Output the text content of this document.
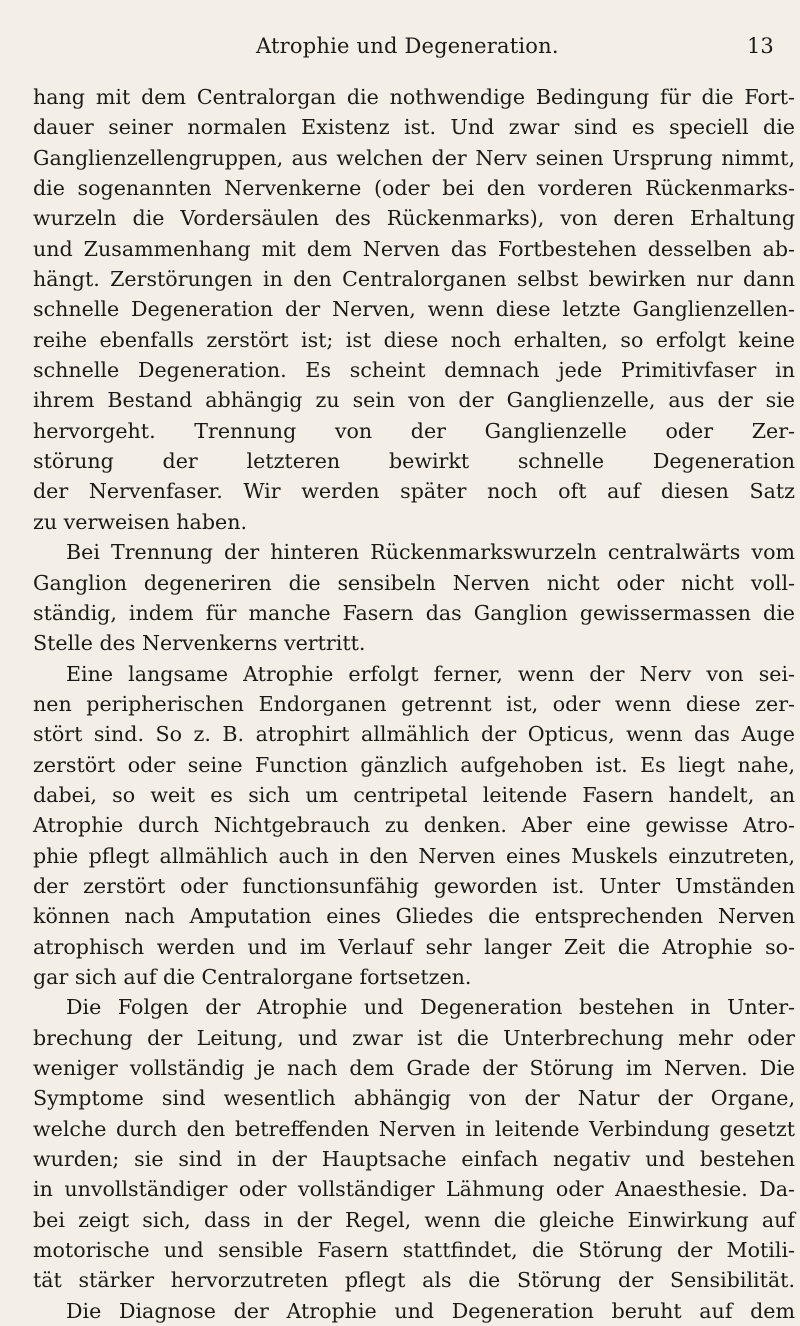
Atrophie und Degeneration.	13
hang mit dem Centralorgan die nothwendige Bedingung für die Fort-
dauer seiner normalen Existenz ist. Und zwar sind es speciell die
Ganglienzellengruppen, aus welchen der Nerv seinen Ursprung nimmt,
die sogenannten Nervenkerne (oder bei den vorderen Rückenmarks-
wurzeln die Vordersäulen des Rückenmarks), von deren Erhaltung
und Zusammenhang mit dem Nerven das Fortbestehen desselben ab-
hängt. Zerstörungen in den Centralorganen selbst bewirken nur dann
schnelle Degeneration der Nerven, wenn diese letzte Ganglienzellen-
reihe ebenfalls zerstört ist; ist diese noch erhalten, so erfolgt keine
schnelle Degeneration. Es scheint demnach jede Primitivfaser in
ihrem Bestand abhängig zu sein von der Ganglienzelle, aus der sie
hervorgeht. Trennung von der Ganglienzelle oder Zer-
störung der letzteren bewirkt schnelle Degeneration
der Nervenfaser. Wir werden später noch oft auf diesen Satz
zu verweisen haben.
Bei Trennung der hinteren Rückenmarkswurzeln centralwärts vom
Ganglion degeneriren die sensibeln Nerven nicht oder nicht voll-
ständig, indem für manche Fasern das Ganglion gewissermassen die
Stelle des Nervenkerns vertritt.
Eine langsame Atrophie erfolgt ferner, wenn der Nerv von sei-
nen peripherischen Endorganen getrennt ist, oder wenn diese zer-
stört sind. So z. B. atrophirt allmählich der Opticus, wenn das Auge
zerstört oder seine Function gänzlich aufgehoben ist. Es liegt nahe,
dabei, so weit es sich um centripetal leitende Fasern handelt, an
Atrophie durch Nichtgebrauch zu denken. Aber eine gewisse Atro-
phie pflegt allmählich auch in den Nerven eines Muskels einzutreten,
der zerstört oder functionsunfähig geworden ist. Unter Umständen
können nach Amputation eines Gliedes die entsprechenden Nerven
atrophisch werden und im Verlauf sehr langer Zeit die Atrophie so-
gar sich auf die Centralorgane fortsetzen.
Die Folgen der Atrophie und Degeneration bestehen in Unter-
brechung der Leitung, und zwar ist die Unterbrechung mehr oder
weniger vollständig je nach dem Grade der Störung im Nerven. Die
Symptome sind wesentlich abhängig von der Natur der Organe,
welche durch den betreffenden Nerven in leitende Verbindung gesetzt
wurden; sie sind in der Hauptsache einfach negativ und bestehen
in unvollständiger oder vollständiger Lähmung oder Anaesthesie. Da-
bei zeigt sich, dass in der Regel, wenn die gleiche Einwirkung auf
motorische und sensible Fasern stattfindet, die Störung der Motili-
tät stärker hervorzutreten pflegt als die Störung der Sensibilität.
Die Diagnose der Atrophie und Degeneration beruht auf dem
